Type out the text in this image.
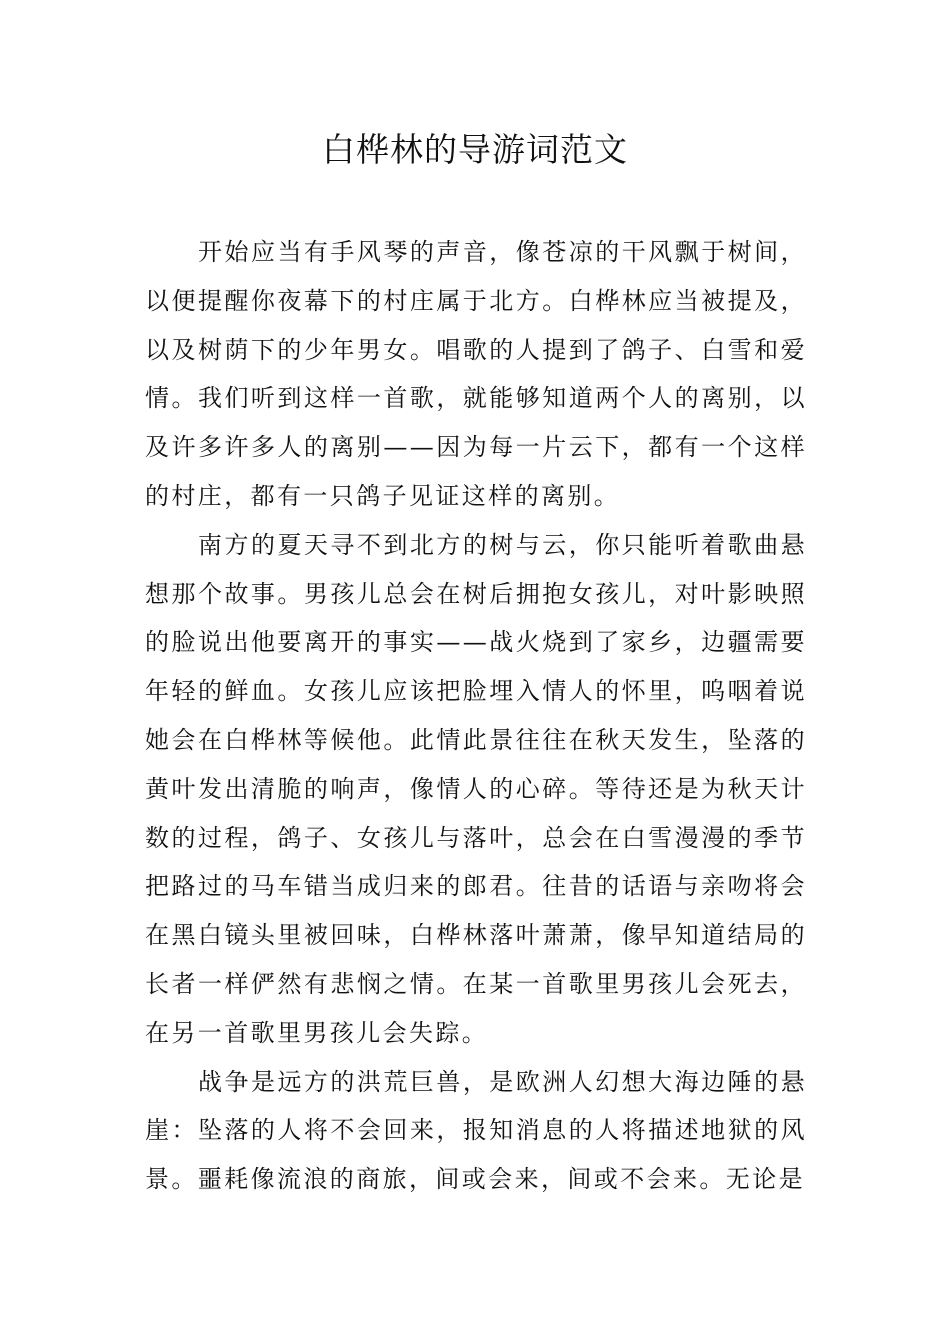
白桦林的导游词范文

开始应当有手风琴的声音，像苍凉的干风飘于树间，以便提醒你夜幕下的村庄属于北方。白桦林应当被提及，以及树荫下的少年男女。唱歌的人提到了鸽子、白雪和爱情。我们听到这样一首歌，就能够知道两个人的离别，以及许多许多人的离别——因为每一片云下，都有一个这样的村庄，都有一只鸽子见证这样的离别。

南方的夏天寻不到北方的树与云，你只能听着歌曲悬想那个故事。男孩儿总会在树后拥抱女孩儿，对叶影映照的脸说出他要离开的事实——战火烧到了家乡，边疆需要年轻的鲜血。女孩儿应该把脸埋入情人的怀里，呜咽着说她会在白桦林等候他。此情此景往往在秋天发生，坠落的黄叶发出清脆的响声，像情人的心碎。等待还是为秋天计数的过程，鸽子、女孩儿与落叶，总会在白雪漫漫的季节把路过的马车错当成归来的郎君。往昔的话语与亲吻将会在黑白镜头里被回味，白桦林落叶萧萧，像早知道结局的长者一样俨然有悲悯之情。在某一首歌里男孩儿会死去，在另一首歌里男孩儿会失踪。

战争是远方的洪荒巨兽，是欧洲人幻想大海边陲的悬崖：坠落的人将不会回来，报知消息的人将描述地狱的风景。噩耗像流浪的商旅，间或会来，间或不会来。无论是
